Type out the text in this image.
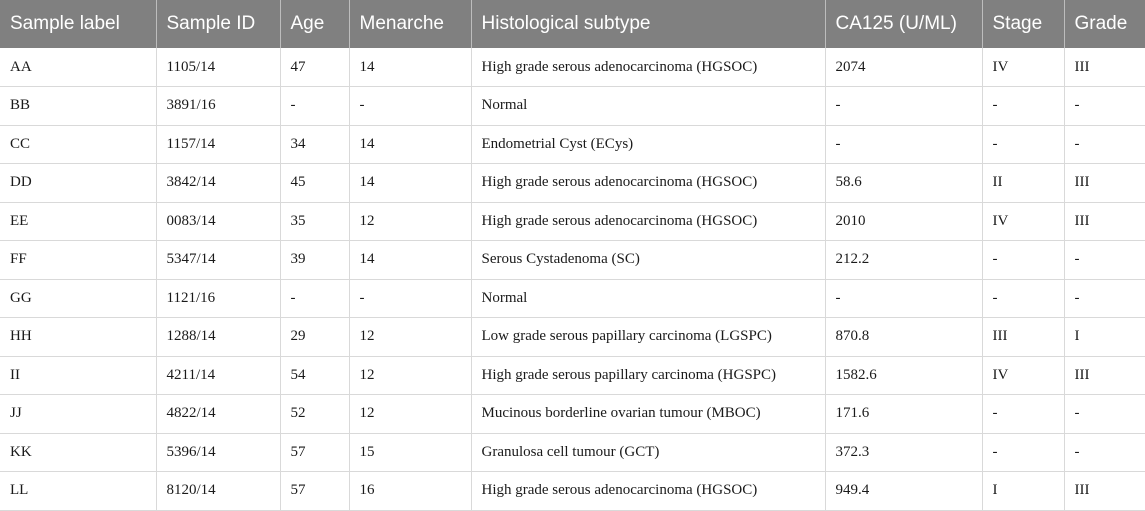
Sample label	Sample ID	Age	Menarche	Histological subtype	CA125 (U/ML)	Stage	Grade
AA	1105/14	47	14	High grade serous adenocarcinoma (HGSOC)	2074	IV	III
BB	3891/16	-	-	Normal	-	-	-
CC	1157/14	34	14	Endometrial Cyst (ECys)	-	-	-
DD	3842/14	45	14	High grade serous adenocarcinoma (HGSOC)	58.6	II	III
EE	0083/14	35	12	High grade serous adenocarcinoma (HGSOC)	2010	IV	III
FF	5347/14	39	14	Serous Cystadenoma (SC)	212.2	-	-
GG	1121/16	-	-	Normal	-	-	-
HH	1288/14	29	12	Low grade serous papillary carcinoma (LGSPC)	870.8	III	I
II	4211/14	54	12	High grade serous papillary carcinoma (HGSPC)	1582.6	IV	III
JJ	4822/14	52	12	Mucinous borderline ovarian tumour (MBOC)	171.6	-	-
KK	5396/14	57	15	Granulosa cell tumour (GCT)	372.3	-	-
LL	8120/14	57	16	High grade serous adenocarcinoma (HGSOC)	949.4	I	III
